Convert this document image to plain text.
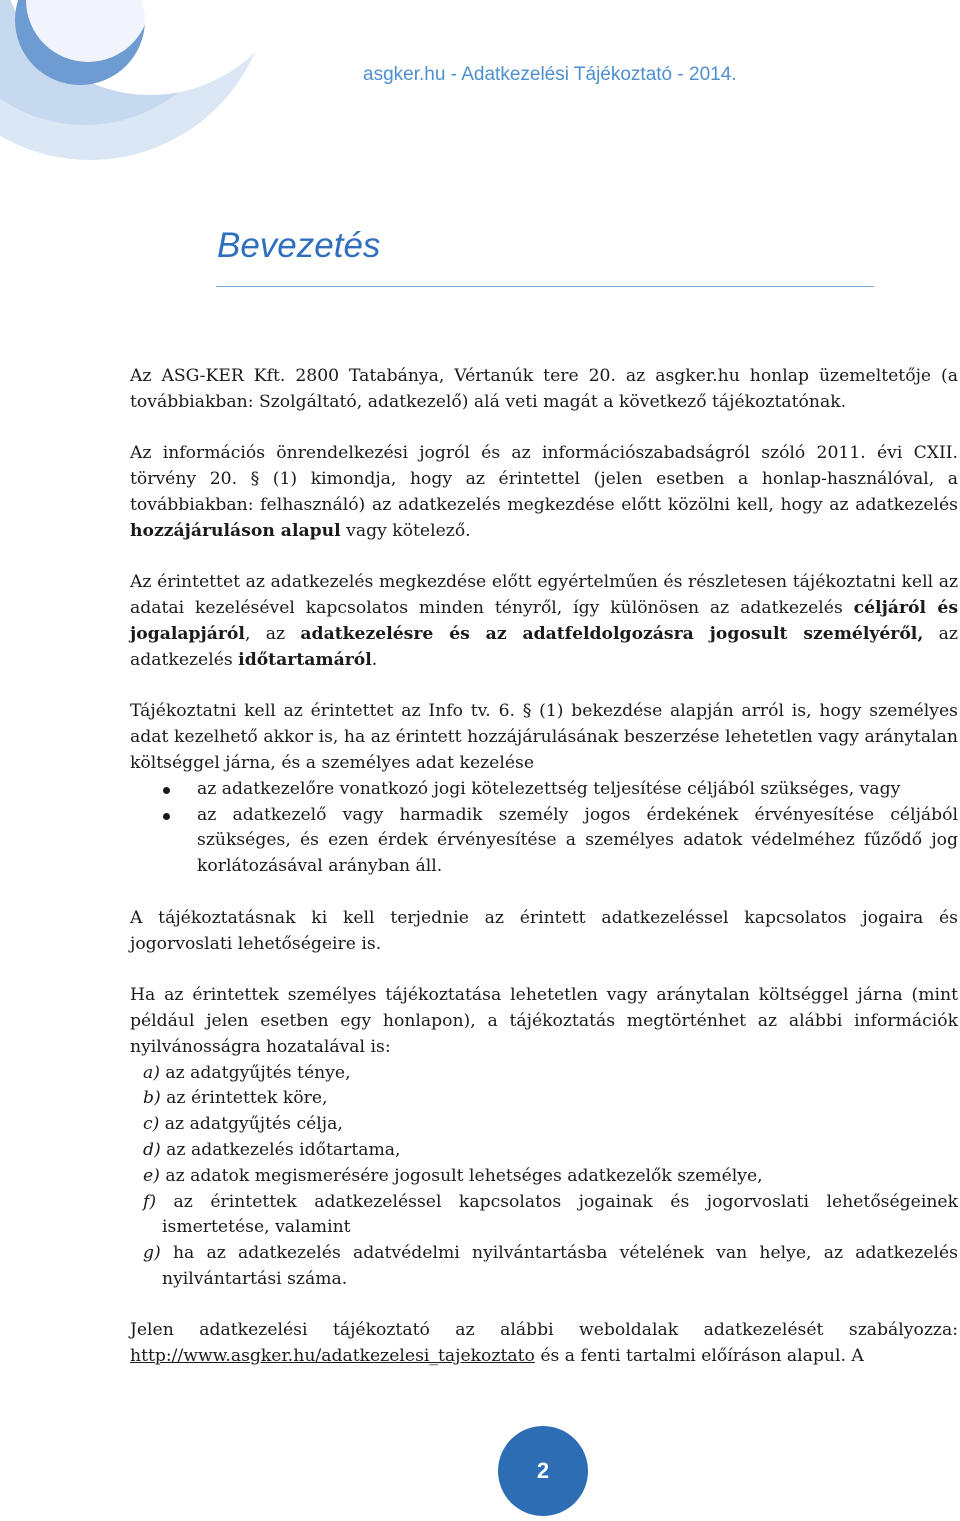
asgker.hu - Adatkezelési Tájékoztató - 2014.
Bevezetés

Az ASG-KER Kft. 2800 Tatabánya, Vértanúk tere 20. az asgker.hu honlap üzemeltetője (a továbbiakban: Szolgáltató, adatkezelő) alá veti magát a következő tájékoztatónak.

Az információs önrendelkezési jogról és az információszabadságról szóló 2011. évi CXII. törvény 20. § (1) kimondja, hogy az érintettel (jelen esetben a honlap-használóval, a továbbiakban: felhasználó) az adatkezelés megkezdése előtt közölni kell, hogy az adatkezelés hozzájáruláson alapul vagy kötelező.

Az érintettet az adatkezelés megkezdése előtt egyértelműen és részletesen tájékoztatni kell az adatai kezelésével kapcsolatos minden tényről, így különösen az adatkezelés céljáról és jogalapjáról, az adatkezelésre és az adatfeldolgozásra jogosult személyéről, az adatkezelés időtartamáról.

Tájékoztatni kell az érintettet az Info tv. 6. § (1) bekezdése alapján arról is, hogy személyes adat kezelhető akkor is, ha az érintett hozzájárulásának beszerzése lehetetlen vagy aránytalan költséggel járna, és a személyes adat kezelése

az adatkezelőre vonatkozó jogi kötelezettség teljesítése céljából szükséges, vagy
az adatkezelő vagy harmadik személy jogos érdekének érvényesítése céljából szükséges, és ezen érdek érvényesítése a személyes adatok védelméhez fűződő jog korlátozásával arányban áll.

A tájékoztatásnak ki kell terjednie az érintett adatkezeléssel kapcsolatos jogaira és jogorvoslati lehetőségeire is.

Ha az érintettek személyes tájékoztatása lehetetlen vagy aránytalan költséggel járna (mint például jelen esetben egy honlapon), a tájékoztatás megtörténhet az alábbi információk nyilvánosságra hozatalával is:

a) az adatgyűjtés ténye,
b) az érintettek köre,
c) az adatgyűjtés célja,
d) az adatkezelés időtartama,
e) az adatok megismerésére jogosult lehetséges adatkezelők személye,
f) az érintettek adatkezeléssel kapcsolatos jogainak és jogorvoslati lehetőségeinek ismertetése, valamint
g) ha az adatkezelés adatvédelmi nyilvántartásba vételének van helye, az adatkezelés nyilvántartási száma.

Jelen adatkezelési tájékoztató az alábbi weboldalak adatkezelését szabályozza: http://www.asgker.hu/adatkezelesi_tajekoztato és a fenti tartalmi előíráson alapul. A

2
